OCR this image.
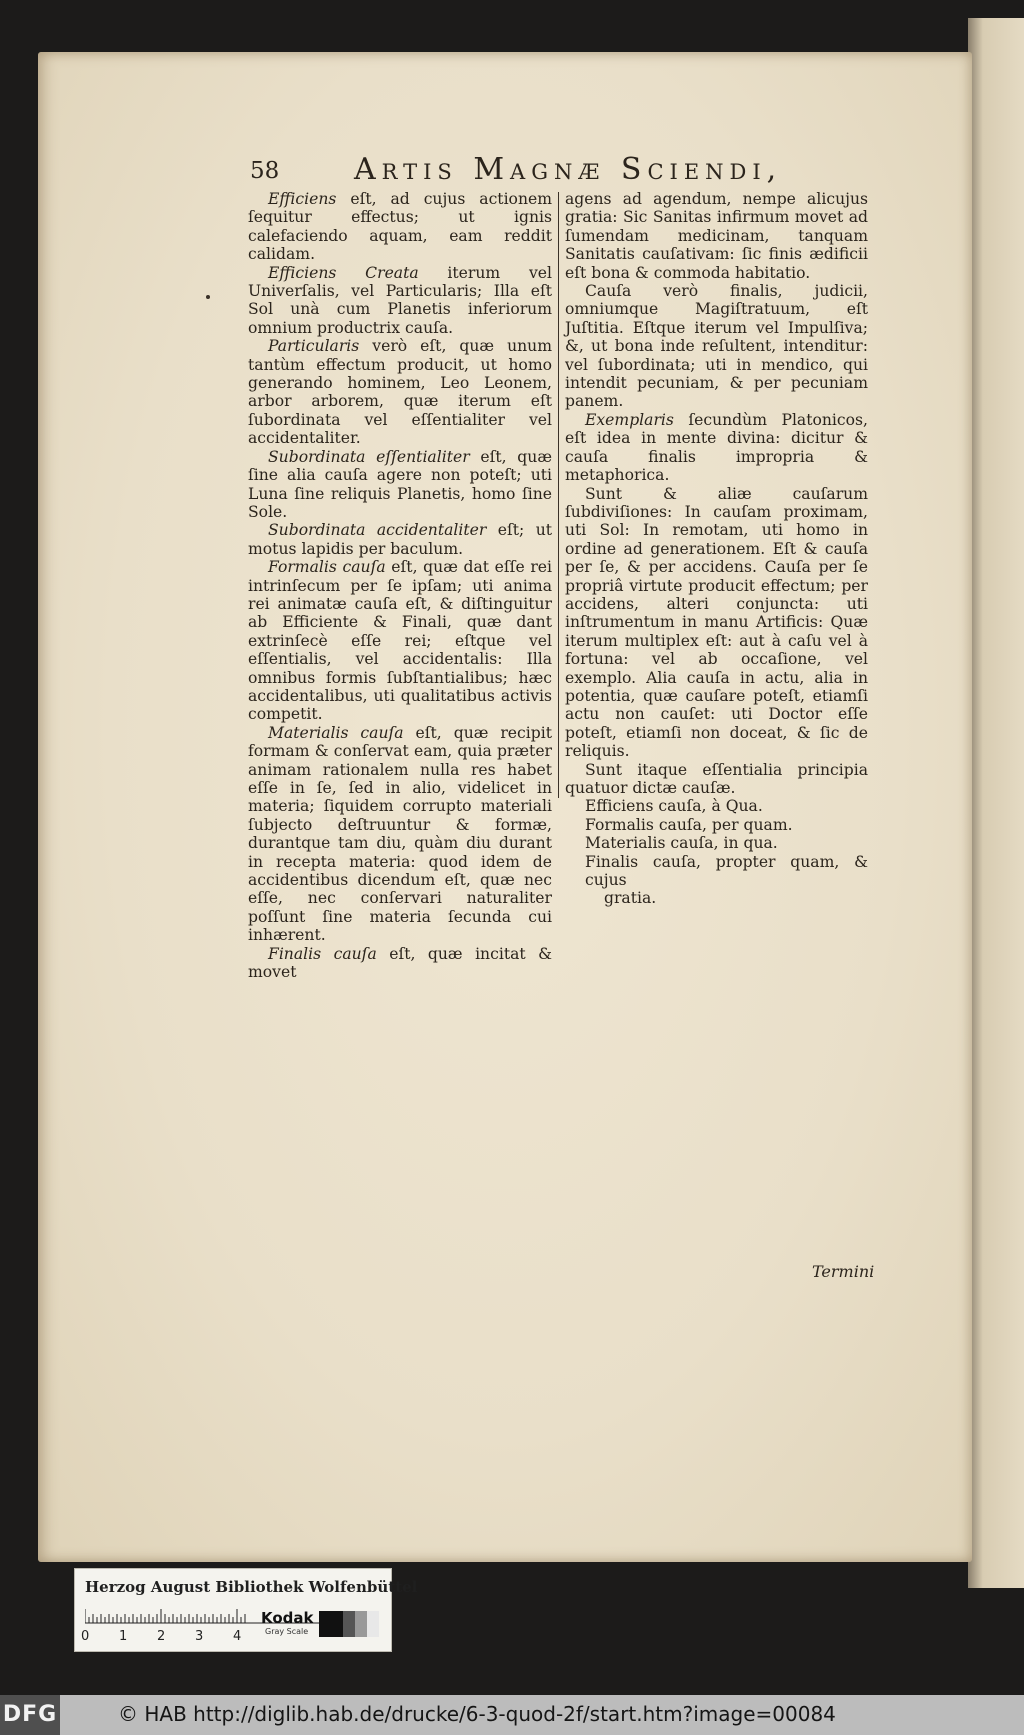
58 Artis Magnæ Sciendi,

Efficiens eſt, ad cujus actionem ſequitur effectus; ut ignis calefaciendo aquam, eam reddit calidam.

Efficiens Creata iterum vel Univerſalis, vel Particularis; Illa eſt Sol unà cum Planetis inferiorum omnium productrix cauſa.

Particularis verò eſt, quæ unum tantùm effectum producit, ut homo generando hominem, Leo Leonem, arbor arborem, quæ iterum eſt ſubordinata vel eſſentialiter vel accidentaliter.

Subordinata eſſentialiter eſt, quæ ſine alia cauſa agere non poteſt; uti Luna ſine reliquis Planetis, homo ſine Sole.

Subordinata accidentaliter eſt; ut motus lapidis per baculum.

Formalis cauſa eſt, quæ dat eſſe rei intrinſecum per ſe ipſam; uti anima rei animatæ cauſa eſt, & diſtinguitur ab Efficiente & Finali, quæ dant extrinſecè eſſe rei; eſtque vel eſſentialis, vel accidentalis: Illa omnibus formis ſubſtantialibus; hæc accidentalibus, uti qualitatibus activis competit.

Materialis cauſa eſt, quæ recipit formam & conſervat eam, quia præter animam rationalem nulla res habet eſſe in ſe, ſed in alio, videlicet in materia; ſiquidem corrupto materiali ſubjecto deſtruuntur & formæ, durantque tam diu, quàm diu durant in recepta materia: quod idem de accidentibus dicendum eſt, quæ nec eſſe, nec conſervari naturaliter poſſunt ſine materia ſecunda cui inhærent.

Finalis cauſa eſt, quæ incitat & movet

agens ad agendum, nempe alicujus gratia: Sic Sanitas infirmum movet ad ſumendam medicinam, tanquam Sanitatis cauſativam: ſic finis ædificii eſt bona & commoda habitatio.

Cauſa verò finalis, judicii, omniumque Magiſtratuum, eſt Juſtitia. Eſtque iterum vel Impulſiva; &, ut bona inde reſultent, intenditur: vel ſubordinata; uti in mendico, qui intendit pecuniam, & per pecuniam panem.

Exemplaris ſecundùm Platonicos, eſt idea in mente divina: dicitur & cauſa finalis impropria & metaphorica.

Sunt & aliæ cauſarum ſubdiviſiones: In cauſam proximam, uti Sol: In remotam, uti homo in ordine ad generationem. Eſt & cauſa per ſe, & per accidens. Cauſa per ſe propriâ virtute producit effectum; per accidens, alteri conjuncta: uti inſtrumentum in manu Artificis: Quæ iterum multiplex eſt: aut à caſu vel à fortuna: vel ab occaſione, vel exemplo. Alia cauſa in actu, alia in potentia, quæ cauſare poteſt, etiamſi actu non cauſet: uti Doctor eſſe poteſt, etiamſi non doceat, & ſic de reliquis.

Sunt itaque eſſentialia principia quatuor dictæ cauſæ.

Efficiens cauſa, à Qua.

Formalis cauſa, per quam.

Materialis cauſa, in qua.

Finalis cauſa, propter quam, & cujus
gratia.

Termini
Herzog August Bibliothek Wolfenbüttel
0 1 2 3 4
Kodak
Gray Scale
DFG	© HAB http://diglib.hab.de/drucke/6-3-quod-2f/start.htm?image=00084
